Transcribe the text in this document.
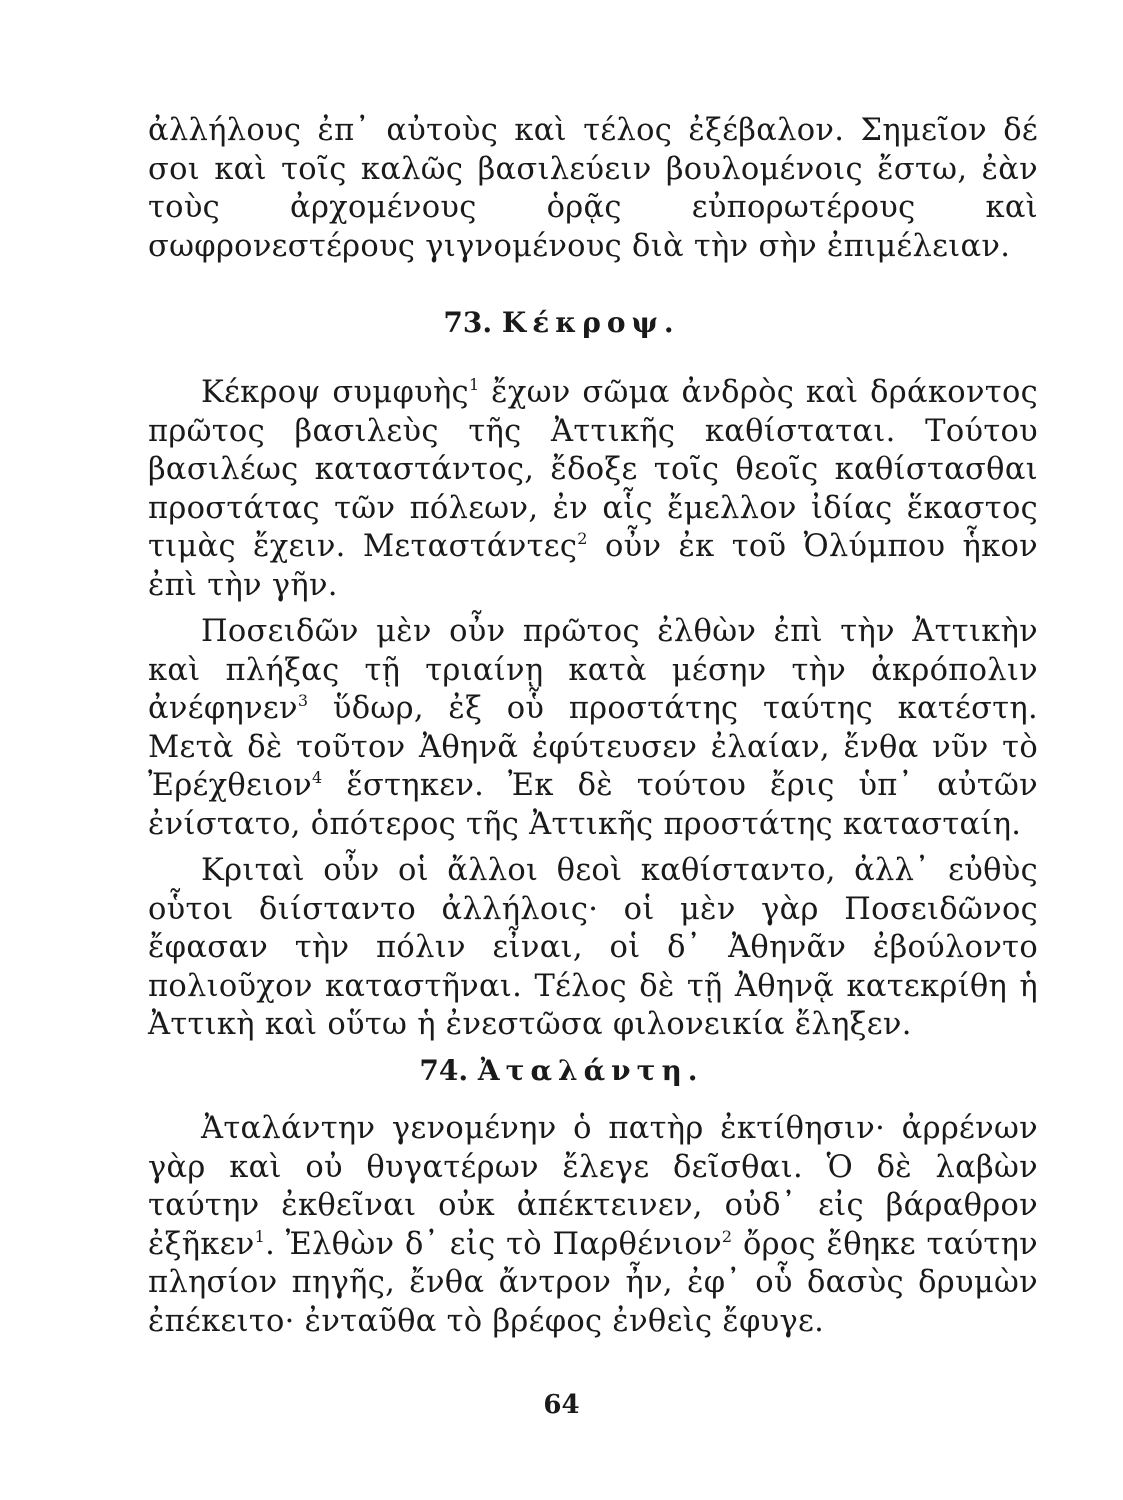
ἀλλήλους ἐπ᾽ αὐτοὺς καὶ τέλος ἐξέβαλον. Σημεῖον δέ σοι καὶ τοῖς καλῶς βασιλεύειν βουλομένοις ἔστω, ἐὰν τοὺς ἀρχομένους ὁρᾷς εὐπορωτέρους καὶ σωφρονεστέρους γιγνομένους διὰ τὴν σὴν ἐπιμέλειαν.

73. Κέκροψ.

Κέκροψ συμφυὴς$^1$ ἔχων σῶμα ἀνδρὸς καὶ δράκοντος πρῶτος βασιλεὺς τῆς Ἀττικῆς καθίσταται. Τούτου βασιλέως καταστάντος, ἔδοξε τοῖς θεοῖς καθίστασθαι προστάτας τῶν πόλεων, ἐν αἷς ἔμελλον ἰδίας ἕκαστος τιμὰς ἔχειν. Μεταστάντες$^2$ οὖν ἐκ τοῦ Ὀλύμπου ἧκον ἐπὶ τὴν γῆν.

Ποσειδῶν μὲν οὖν πρῶτος ἐλθὼν ἐπὶ τὴν Ἀττικὴν καὶ πλήξας τῇ τριαίνῃ κατὰ μέσην τὴν ἀκρόπολιν ἀνέφηνεν$^3$ ὕδωρ, ἐξ οὗ προστάτης ταύτης κατέστη. Μετὰ δὲ τοῦτον Ἀθηνᾶ ἐφύτευσεν ἐλαίαν, ἔνθα νῦν τὸ Ἐρέχθειον$^4$ ἕστηκεν. Ἐκ δὲ τούτου ἔρις ὑπ᾽ αὐτῶν ἐνίστατο, ὁπότερος τῆς Ἀττικῆς προστάτης κατασταίη.

Κριταὶ οὖν οἱ ἄλλοι θεοὶ καθίσταντο, ἀλλ᾽ εὐθὺς οὗτοι διίσταντο ἀλλήλοις· οἱ μὲν γὰρ Ποσειδῶνος ἔφασαν τὴν πόλιν εἶναι, οἱ δ᾽ Ἀθηνᾶν ἐβούλοντο πολιοῦχον καταστῆναι. Τέλος δὲ τῇ Ἀθηνᾷ κατεκρίθη ἡ Ἀττικὴ καὶ οὕτω ἡ ἐνεστῶσα φιλονεικία ἔληξεν.

74. Ἀταλάντη.

Ἀταλάντην γενομένην ὁ πατὴρ ἐκτίθησιν· ἀρρένων γὰρ καὶ οὐ θυγατέρων ἔλεγε δεῖσθαι. Ὁ δὲ λαβὼν ταύτην ἐκθεῖναι οὐκ ἀπέκτεινεν, οὐδ᾽ εἰς βάραθρον ἐξῆκεν$^1$. Ἐλθὼν δ᾽ εἰς τὸ Παρθένιον$^2$ ὄρος ἔθηκε ταύτην πλησίον πηγῆς, ἔνθα ἄντρον ἦν, ἐφ᾽ οὗ δασὺς δρυμὼν ἐπέκειτο· ἐνταῦθα τὸ βρέφος ἐνθεὶς ἔφυγε.

64
